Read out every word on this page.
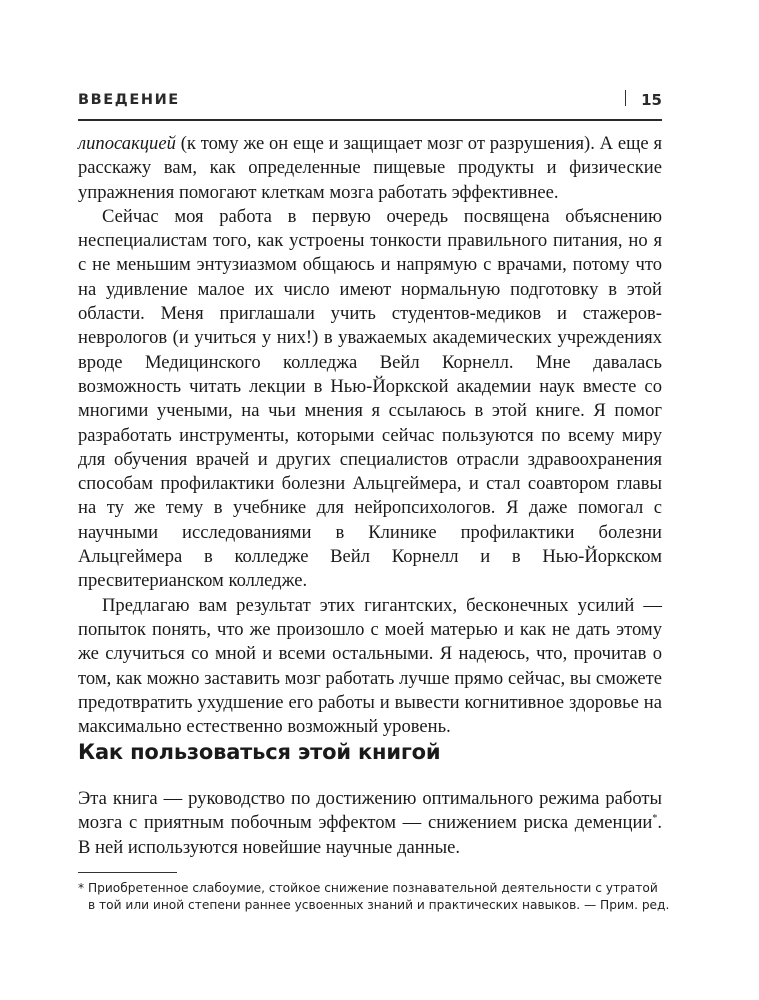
ВВЕДЕНИЕ	15

липосакцией (к тому же он еще и защищает мозг от разрушения). А еще я расскажу вам, как определенные пищевые продукты и физические упражнения помогают клеткам мозга работать эффективнее.

Сейчас моя работа в первую очередь посвящена объяснению неспециалистам того, как устроены тонкости правильного питания, но я с не меньшим энтузиазмом общаюсь и напрямую с врачами, потому что на удивление малое их число имеют нормальную подготовку в этой области. Меня приглашали учить студентов-медиков и стажеров-неврологов (и учиться у них!) в уважаемых академических учреждениях вроде Медицинского колледжа Вейл Корнелл. Мне давалась возможность читать лекции в Нью-Йоркской академии наук вместе со многими учеными, на чьи мнения я ссылаюсь в этой книге. Я помог разработать инструменты, которыми сейчас пользуются по всему миру для обучения врачей и других специалистов отрасли здравоохранения способам профилактики болезни Альцгеймера, и стал соавтором главы на ту же тему в учебнике для нейропсихологов. Я даже помогал с научными исследованиями в Клинике профилактики болезни Альцгеймера в колледже Вейл Корнелл и в Нью-Йоркском пресвитерианском колледже.

Предлагаю вам результат этих гигантских, бесконечных усилий — попыток понять, что же произошло с моей матерью и как не дать этому же случиться со мной и всеми остальными. Я надеюсь, что, прочитав о том, как можно заставить мозг работать лучше прямо сейчас, вы сможете предотвратить ухудшение его работы и вывести когнитивное здоровье на максимально естественно возможный уровень.

Как пользоваться этой книгой

Эта книга — руководство по достижению оптимального режима работы мозга с приятным побочным эффектом — снижением риска деменции*. В ней используются новейшие научные данные.

* Приобретенное слабоумие, стойкое снижение познавательной деятельности с утратой
в той или иной степени раннее усвоенных знаний и практических навыков. — Прим. ред.
